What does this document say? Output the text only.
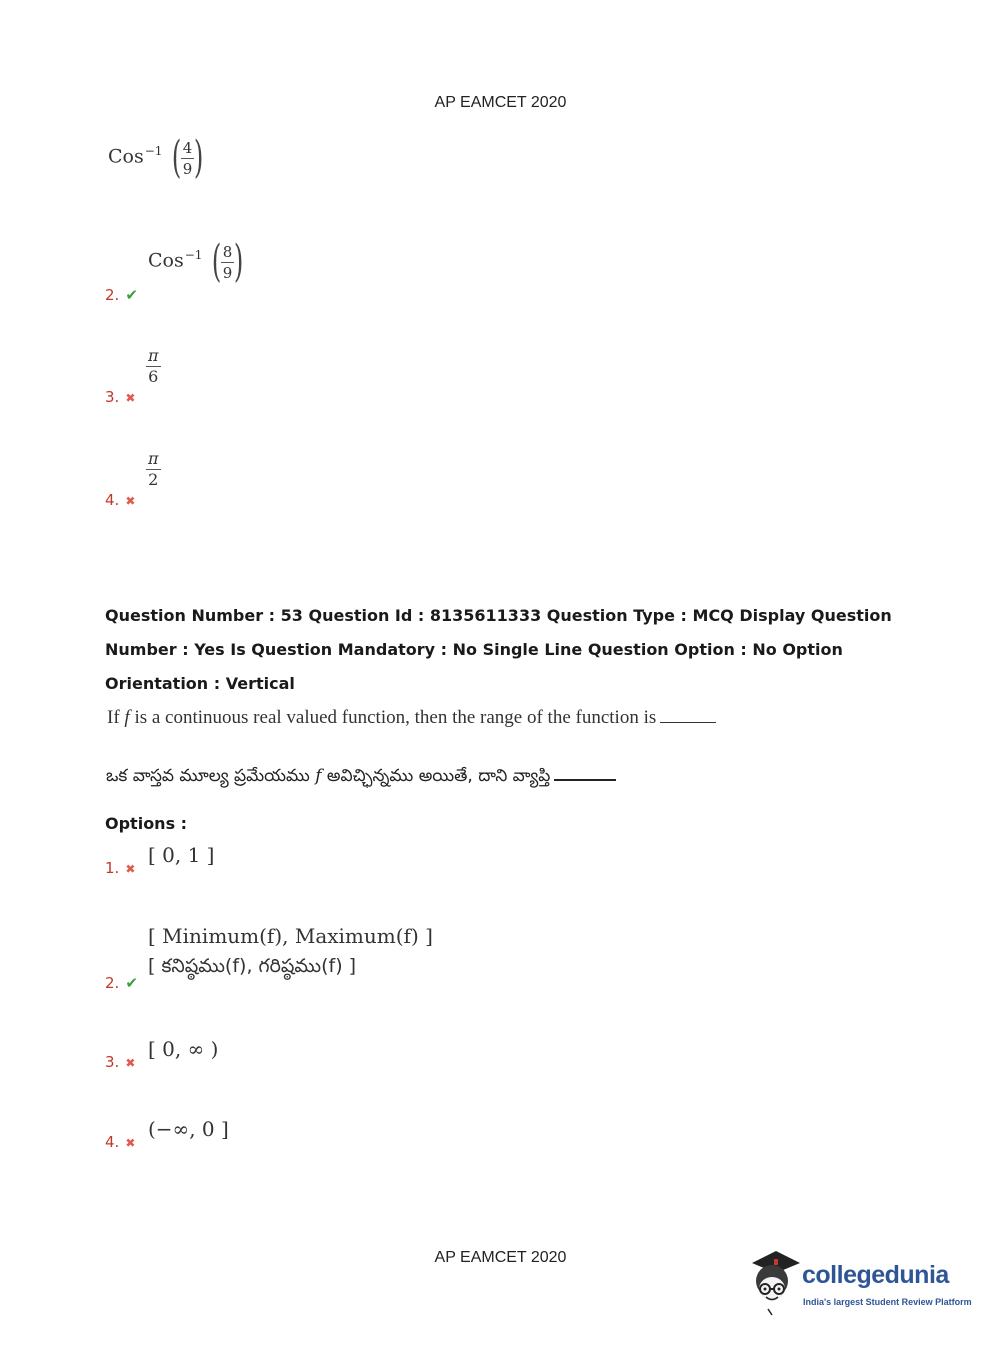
AP EAMCET 2020
Cos$^{-1}$ ( $\frac{4}{9}$ )
2. ✔
Cos$^{-1}$ ( $\frac{8}{9}$ )
3. ✖
$\frac{\pi}{6}$
4. ✖
$\frac{\pi}{2}$
Question Number : 53 Question Id : 8135611333 Question Type : MCQ Display Question
Number : Yes Is Question Mandatory : No Single Line Question Option : No Option
Orientation : Vertical
If f is a continuous real valued function, then the range of the function is
ఒక వాస్తవ మూల్య ప్రమేయము f అవిచ్ఛిన్నము అయితే, దాని వ్యాప్తి
Options :
1. ✖
[ 0, 1 ]
2. ✔
[ Minimum(f), Maximum(f) ]
[ కనిష్ఠము(f), గరిష్ఠము(f) ]
3. ✖
[ 0, ∞ )
4. ✖
(−∞, 0 ]
AP EAMCET 2020
collegedunia
India's largest Student Review Platform
